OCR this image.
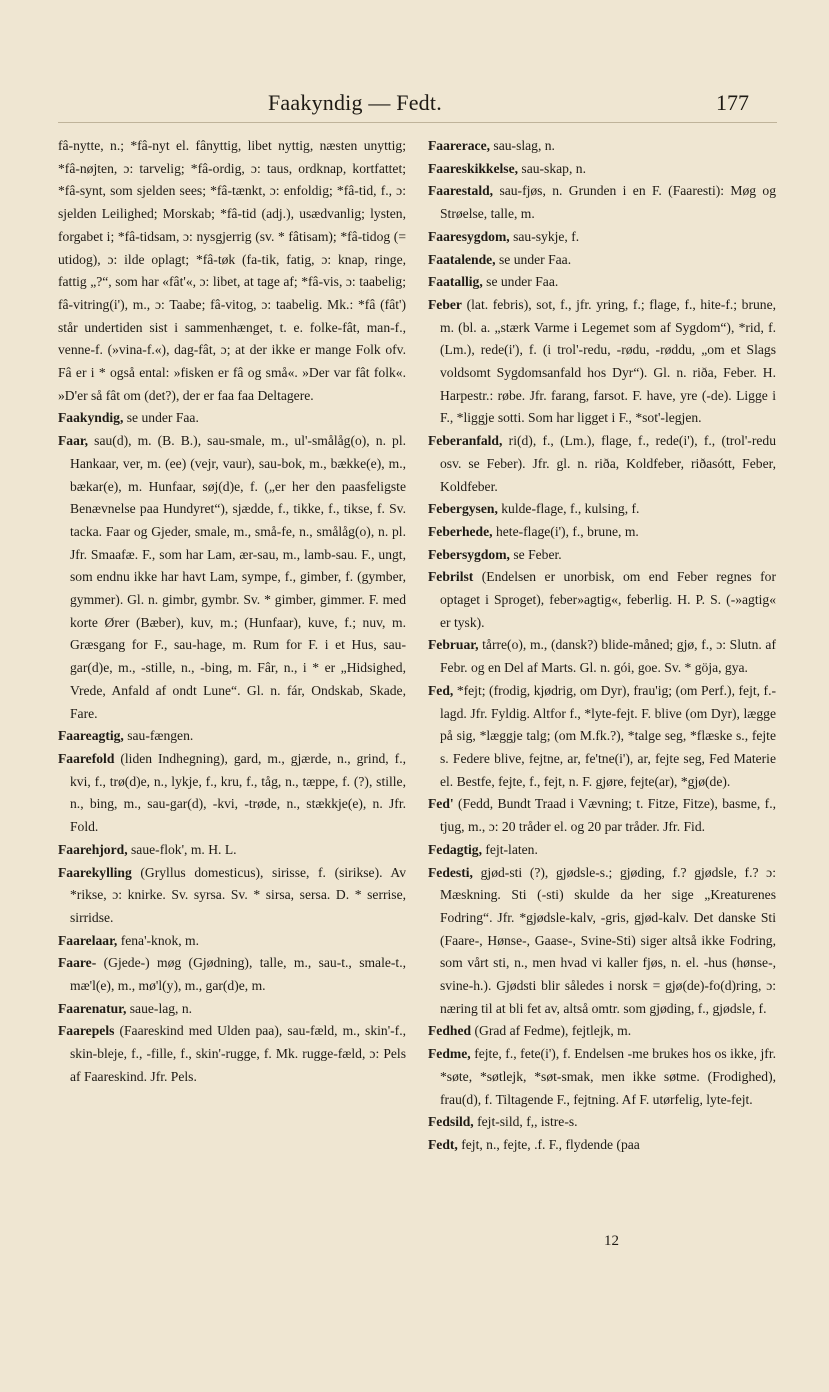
Faakyndig — Fedt.	177

fâ-nytte, n.; *fâ-nyt el. fânyttig, libet nyttig, næsten unyttig; *fâ-nøjten, ɔ: tarvelig; *fâ-ordig, ɔ: taus, ordknap, kortfattet; *fâ-synt, som sjelden sees; *fâ-tænkt, ɔ: enfoldig; *fâ-tid, f., ɔ: sjelden Leilighed; Morskab; *fâ-tid (adj.), usædvanlig; lysten, forgabet i; *fâ-tidsam, ɔ: nysgjerrig (sv. * fâtisam); *fâ-tidog (= utidog), ɔ: ilde oplagt; *fâ-tøk (fa-tik, fatig, ɔ: knap, ringe, fattig „?“, som har «fât'«, ɔ: libet, at tage af; *fâ-vis, ɔ: taabelig; fâ-vitring(i'), m., ɔ: Taabe; fâ-vitog, ɔ: taabelig. Mk.: *fâ (fât') står undertiden sist i sammenhænget, t. e. folke-fât, man-f., venne-f. (»vina-f.«), dag-fât, ɔ; at der ikke er mange Folk ofv. Fâ er i * også ental: »fisken er fâ og små«. »Der var fât folk«. »D'er så fât om (det?), der er faa faa Deltagere.

Faakyndig, se under Faa.

Faar, sau(d), m. (B. B.), sau-smale, m., ul'-smålåg(o), n. pl. Hankaar, ver, m. (ee) (vejr, vaur), sau-bok, m., bække(e), m., bækar(e), m. Hunfaar, søj(d)e, f. („er her den paasfeligste Benævnelse paa Hundyret“), sjædde, f., tikke, f., tikse, f. Sv. tacka. Faar og Gjeder, smale, m., små-fe, n., smålåg(o), n. pl. Jfr. Smaafæ. F., som har Lam, ær-sau, m., lamb-sau. F., ungt, som endnu ikke har havt Lam, sympe, f., gimber, f. (gymber, gymmer). Gl. n. gimbr, gymbr. Sv. * gimber, gimmer. F. med korte Ører (Bæber), kuv, m.; (Hunfaar), kuve, f.; nuv, m. Græsgang for F., sau-hage, m. Rum for F. i et Hus, sau-gar(d)e, m., -stille, n., -bing, m. Fâr, n., i * er „Hidsighed, Vrede, Anfald af ondt Lune“. Gl. n. fár, Ondskab, Skade, Fare.

Faareagtig, sau-fængen.

Faarefold (liden Indhegning), gard, m., gjærde, n., grind, f., kvi, f., trø(d)e, n., lykje, f., kru, f., tåg, n., tæppe, f. (?), stille, n., bing, m., sau-gar(d), -kvi, -trøde, n., stækkje(e), n. Jfr. Fold.

Faarehjord, saue-flok', m. H. L.

Faarekylling (Gryllus domesticus), sirisse, f. (sirikse). Av *rikse, ɔ: knirke. Sv. syrsa. Sv. * sirsa, sersa. D. * serrise, sirridse.

Faarelaar, fena'-knok, m.

Faare- (Gjede-) møg (Gjødning), talle, m., sau-t., smale-t., mæ'l(e), m., mø'l(y), m., gar(d)e, m.

Faarenatur, saue-lag, n.

Faarepels (Faareskind med Ulden paa), sau-fæld, m., skin'-f., skin-bleje, f., -fille, f., skin'-rugge, f. Mk. rugge-fæld, ɔ: Pels af Faareskind. Jfr. Pels.

Faarerace, sau-slag, n.

Faareskikkelse, sau-skap, n.

Faarestald, sau-fjøs, n. Grunden i en F. (Faaresti): Møg og Strøelse, talle, m.

Faaresygdom, sau-sykje, f.

Faatalende, se under Faa.

Faatallig, se under Faa.

Feber (lat. febris), sot, f., jfr. yring, f.; flage, f., hite-f.; brune, m. (bl. a. „stærk Varme i Legemet som af Sygdom“), *rid, f. (Lm.), rede(i'), f. (i trol'-redu, -rødu, -røddu, „om et Slags voldsomt Sygdomsanfald hos Dyr“). Gl. n. riða, Feber. H. Harpestr.: røbe. Jfr. farang, farsot. F. have, yre (-de). Ligge i F., *liggje sotti. Som har ligget i F., *sot'-legjen.

Feberanfald, ri(d), f., (Lm.), flage, f., rede(i'), f., (trol'-redu osv. se Feber). Jfr. gl. n. riða, Koldfeber, riðasótt, Feber, Koldfeber.

Febergysen, kulde-flage, f., kulsing, f.

Feberhede, hete-flage(i'), f., brune, m.

Febersygdom, se Feber.

Febrilst (Endelsen er unorbisk, om end Feber regnes for optaget i Sproget), feber»agtig«, feberlig. H. P. S. (-»agtig« er tysk).

Februar, tårre(o), m., (dansk?) blide-måned; gjø, f., ɔ: Slutn. af Febr. og en Del af Marts. Gl. n. gói, goe. Sv. * göja, gya.

Fed, *fejt; (frodig, kjødrig, om Dyr), frau'ig; (om Perf.), fejt, f.-lagd. Jfr. Fyldig. Altfor f., *lyte-fejt. F. blive (om Dyr), læggе på sig, *læggje talg; (om M.fk.?), *talge seg, *flæske s., fejte s. Federe blive, fejtne, ar, fe'tne(i'), ar, fejte seg, Fed Materie el. Bestfe, fejte, f., fejt, n. F. gjøre, fejte(ar), *gjø(de).

Fed' (Fedd, Bundt Traad i Vævning; t. Fitze, Fitze), basme, f., tjug, m., ɔ: 20 tråder el. og 20 par tråder. Jfr. Fid.

Fedagtig, fejt-laten.

Fedesti, gjød-sti (?), gjødsle-s.; gjøding, f.? gjødsle, f.? ɔ: Mæskning. Sti (-sti) skulde da her sige „Kreaturenes Fodring“. Jfr. *gjødsle-kalv, -gris, gjød-kalv. Det danske Sti (Faare-, Hønse-, Gaase-, Svine-Sti) siger altså ikke Fodring, som vårt sti, n., men hvad vi kaller fjøs, n. el. -hus (hønse-, svine-h.). Gjødsti blir således i norsk = gjø(de)-fo(d)ring, ɔ: næring til at bli fet av, altså omtr. som gjøding, f., gjødsle, f.

Fedhed (Grad af Fedme), fejtlejk, m.

Fedme, fejte, f., fete(i'), f. Endelsen -me brukes hos os ikke, jfr. *søte, *søtlejk, *søt-smak, men ikke søtme. (Frodighed), frau(d), f. Tiltagende F., fejtning. Af F. utørfelig, lyte-fejt.

Fedsild, fejt-sild, f,, istre-s.

Fedt, fejt, n., fejte, .f. F., flydende (paa

12
